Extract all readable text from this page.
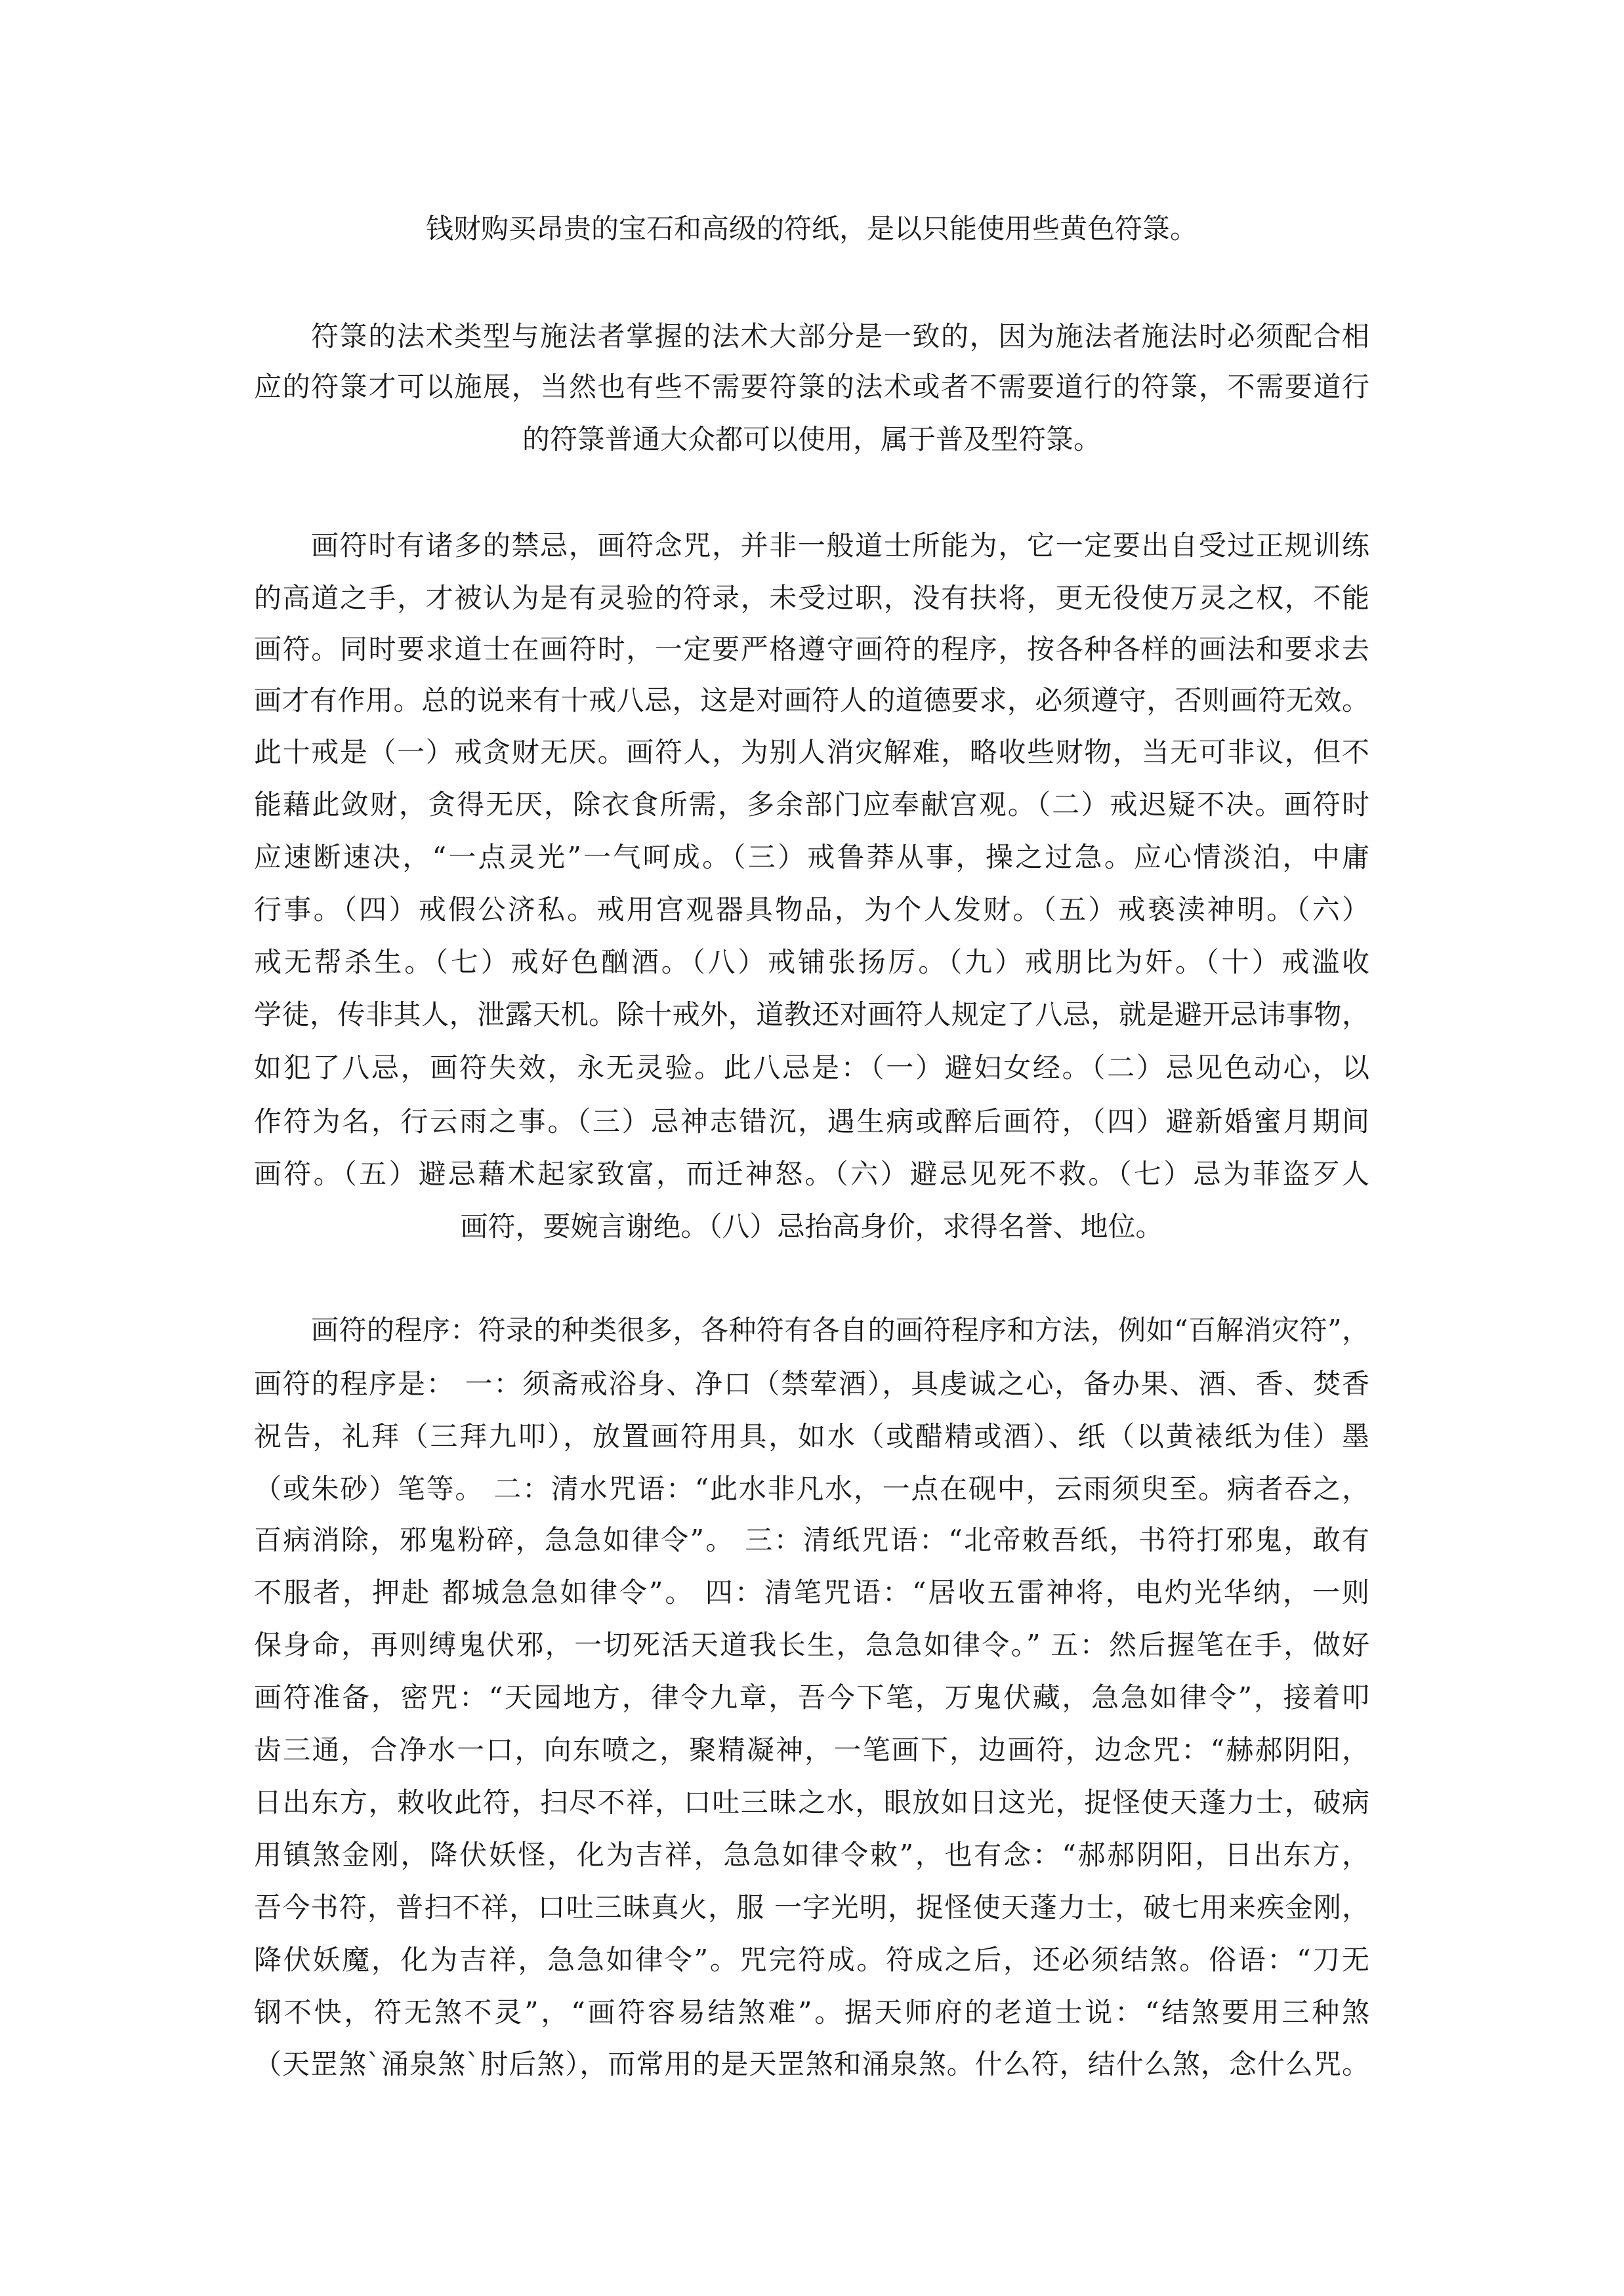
钱财购买昂贵的宝石和高级的符纸，是以只能使用些黄色符箓。
符箓的法术类型与施法者掌握的法术大部分是一致的，因为施法者施法时必须配合相
应的符箓才可以施展，当然也有些不需要符箓的法术或者不需要道行的符箓，不需要道行
的符箓普通大众都可以使用，属于普及型符箓。
画符时有诸多的禁忌，画符念咒，并非一般道士所能为，它一定要出自受过正规训练
的高道之手，才被认为是有灵验的符录，未受过职，没有扶将，更无役使万灵之权，不能
画符。同时要求道士在画符时，一定要严格遵守画符的程序，按各种各样的画法和要求去
画才有作用。总的说来有十戒八忌，这是对画符人的道德要求，必须遵守，否则画符无效。
此十戒是（一）戒贪财无厌。画符人，为别人消灾解难，略收些财物，当无可非议，但不
能藉此敛财，贪得无厌，除衣食所需，多余部门应奉献宫观。（二）戒迟疑不决。画符时
应速断速决，“一点灵光”一气呵成。（三）戒鲁莽从事，操之过急。应心情淡泊，中庸
行事。（四）戒假公济私。戒用宫观器具物品，为个人发财。（五）戒亵渎神明。（六）
戒无帮杀生。（七）戒好色酗酒。（八）戒铺张扬厉。（九）戒朋比为奸。（十）戒滥收
学徒，传非其人，泄露天机。除十戒外，道教还对画符人规定了八忌，就是避开忌讳事物，
如犯了八忌，画符失效，永无灵验。此八忌是：（一）避妇女经。（二）忌见色动心，以
作符为名，行云雨之事。（三）忌神志错沉，遇生病或醉后画符，（四）避新婚蜜月期间
画符。（五）避忌藉术起家致富，而迁神怒。（六）避忌见死不救。（七）忌为菲盗歹人
画符，要婉言谢绝。（八）忌抬高身价，求得名誉、地位。
画符的程序：符录的种类很多，各种符有各自的画符程序和方法，例如“百解消灾符”，
画符的程序是： 一：须斋戒浴身、净口（禁荤酒），具虔诚之心，备办果、酒、香、焚香
祝告，礼拜（三拜九叩），放置画符用具，如水（或醋精或酒）、纸（以黄裱纸为佳）墨
（或朱砂）笔等。 二：清水咒语：“此水非凡水，一点在砚中，云雨须臾至。病者吞之，
百病消除，邪鬼粉碎，急急如律令”。 三：清纸咒语：“北帝敕吾纸，书符打邪鬼，敢有
不服者，押赴 都城急急如律令”。 四：清笔咒语：“居收五雷神将，电灼光华纳，一则
保身命，再则缚鬼伏邪，一切死活天道我长生，急急如律令。” 五：然后握笔在手，做好
画符准备，密咒：“天园地方，律令九章，吾今下笔，万鬼伏藏，急急如律令”，接着叩
齿三通，合净水一口，向东喷之，聚精凝神，一笔画下，边画符，边念咒：“赫郝阴阳，
日出东方，敕收此符，扫尽不祥，口吐三昧之水，眼放如日这光，捉怪使天蓬力士，破病
用镇煞金刚，降伏妖怪，化为吉祥，急急如律令敕”，也有念：“郝郝阴阳，日出东方，
吾今书符，普扫不祥，口吐三昧真火，服 一字光明，捉怪使天蓬力士，破七用来疾金刚，
降伏妖魔，化为吉祥，急急如律令”。咒完符成。符成之后，还必须结煞。俗语：“刀无
钢不快，符无煞不灵”，“画符容易结煞难”。据天师府的老道士说：“结煞要用三种煞
（天罡煞`涌泉煞`肘后煞），而常用的是天罡煞和涌泉煞。什么符，结什么煞，念什么咒。
